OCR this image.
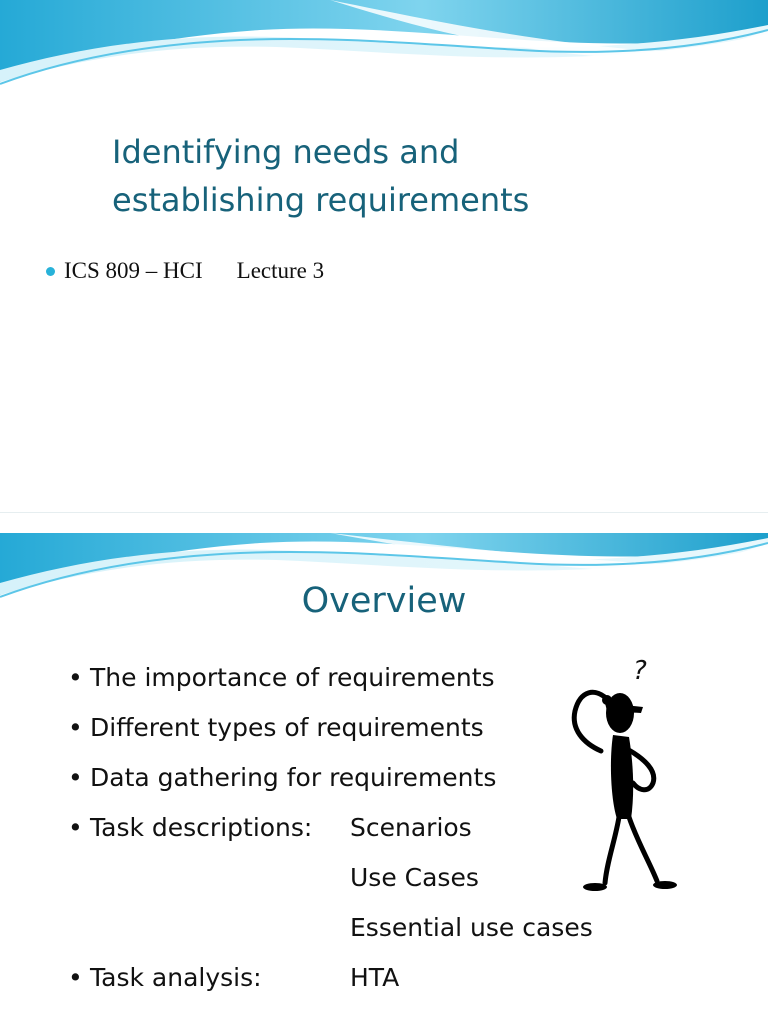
Identifying needs and
establishing requirements
ICS 809 – HCI Lecture 3
Overview
• The importance of requirements
• Different types of requirements
• Data gathering for requirements
• Task descriptions: Scenarios
Use Cases
Essential use cases
• Task analysis:	HTA
?
